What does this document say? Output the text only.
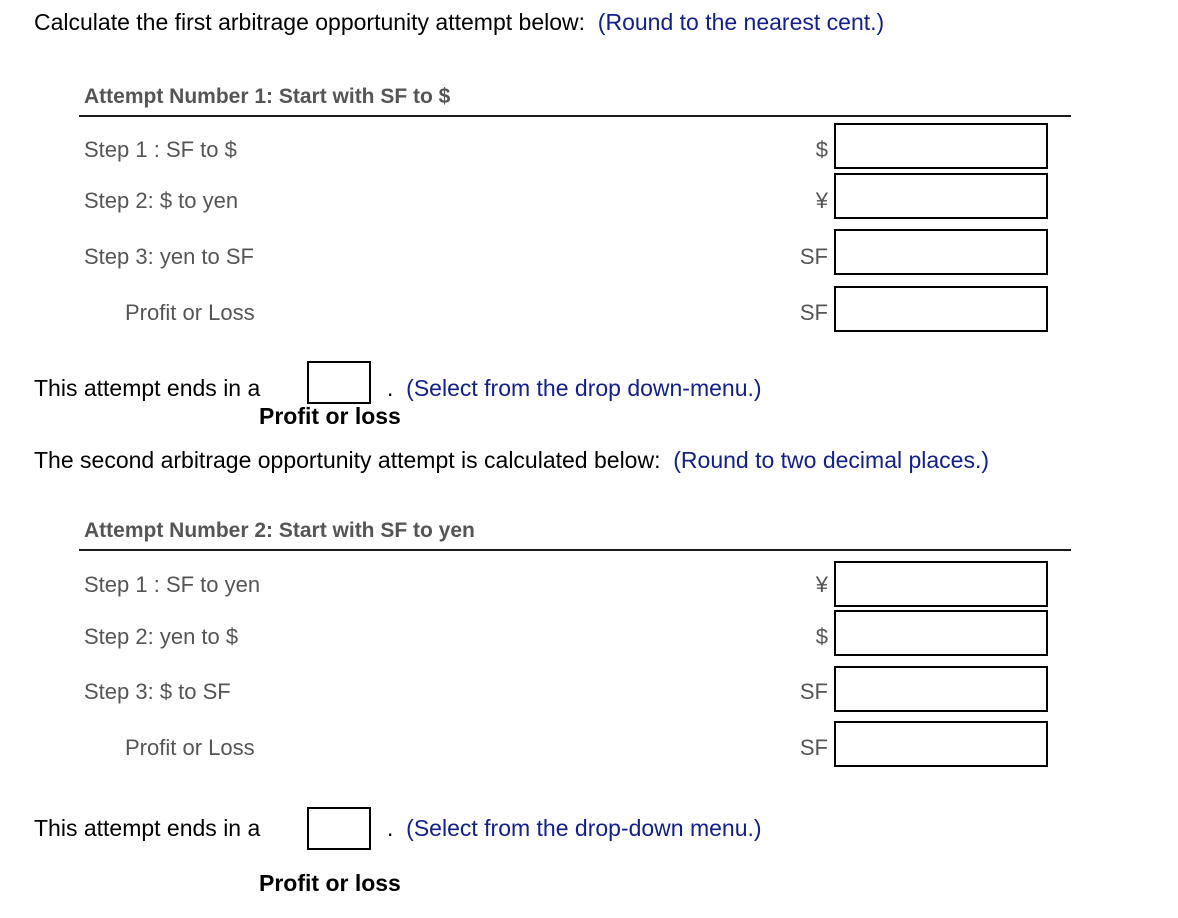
Calculate the first arbitrage opportunity attempt below: (Round to the nearest cent.)
Attempt Number 1: Start with SF to $
Step 1 : SF to $	$
Step 2: $ to yen	¥
Step 3: yen to SF	SF
Profit or Loss	SF
This attempt ends in a	. (Select from the drop down-menu.)
Profit or loss
The second arbitrage opportunity attempt is calculated below: (Round to two decimal places.)
Attempt Number 2: Start with SF to yen
Step 1 : SF to yen	¥
Step 2: yen to $	$
Step 3: $ to SF	SF
Profit or Loss	SF
This attempt ends in a	. (Select from the drop-down menu.)
Profit or loss
